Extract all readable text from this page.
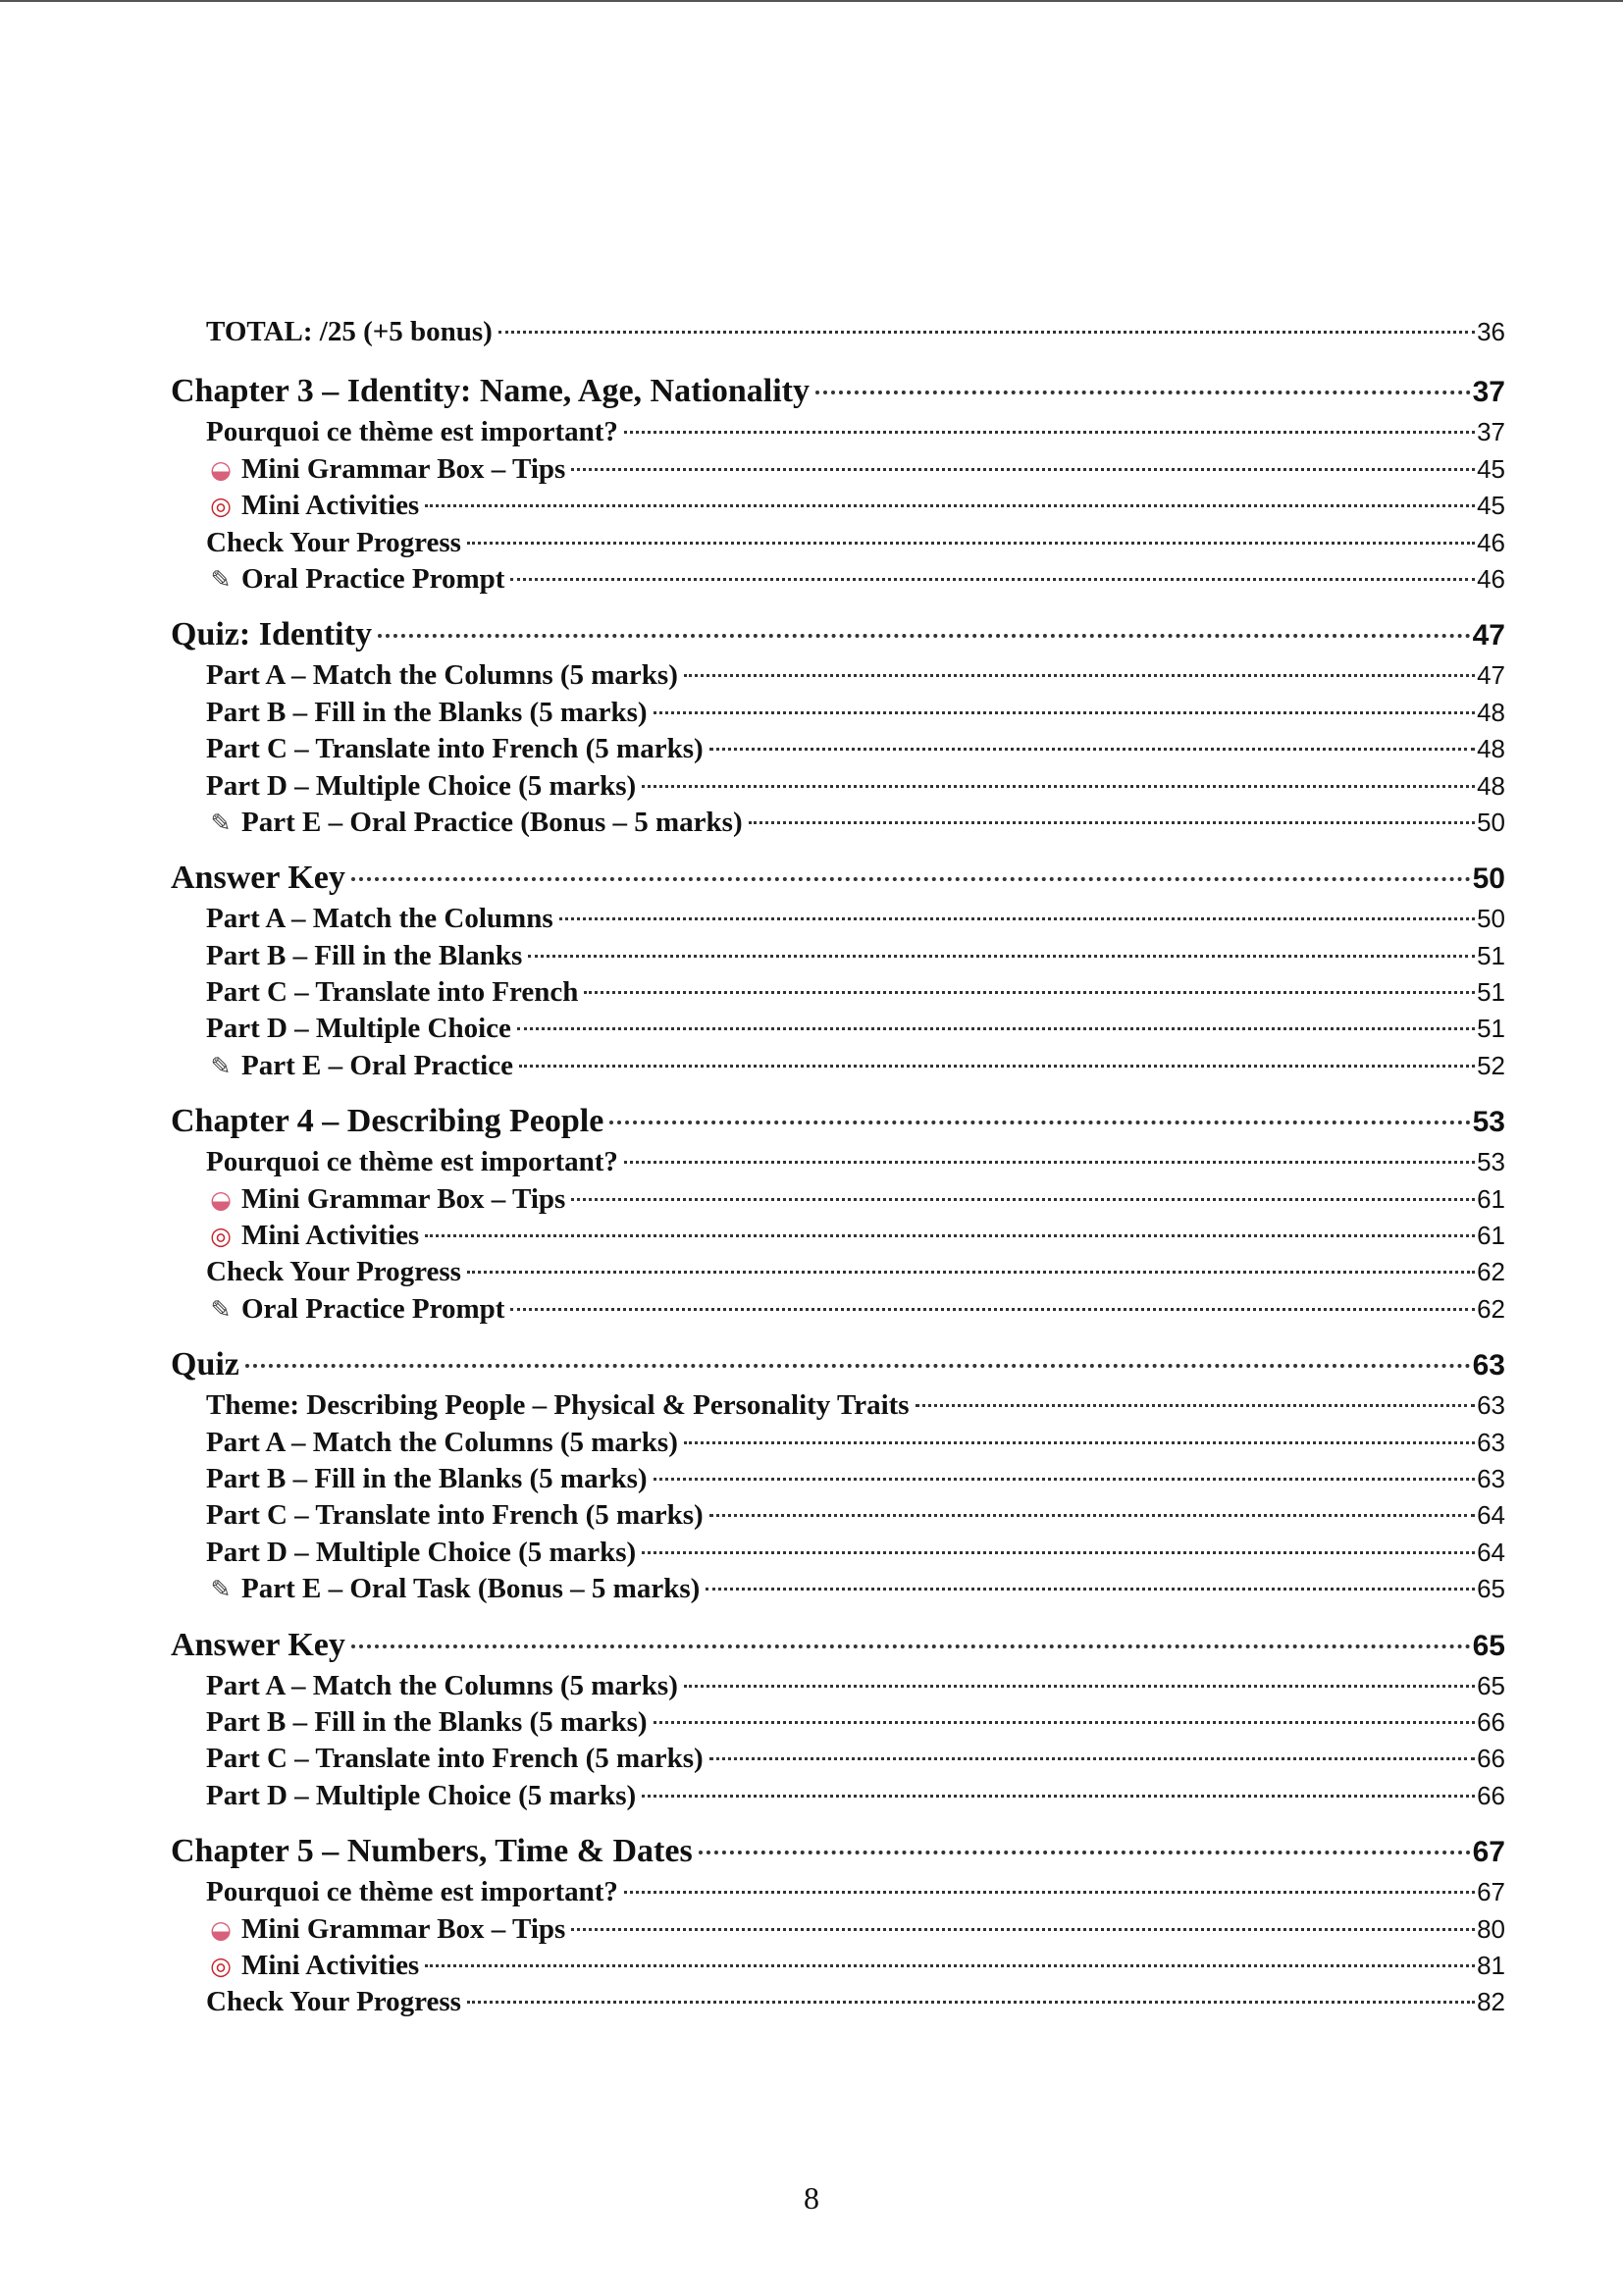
TOTAL: /25 (+5 bonus)	36
Chapter 3 – Identity: Name, Age, Nationality	37
Pourquoi ce thème est important?	37
◒ Mini Grammar Box – Tips	45
◎ Mini Activities	45
Check Your Progress	46
✎ Oral Practice Prompt	46
Quiz: Identity	47
Part A – Match the Columns (5 marks)	47
Part B – Fill in the Blanks (5 marks)	48
Part C – Translate into French (5 marks)	48
Part D – Multiple Choice (5 marks)	48
✎ Part E – Oral Practice (Bonus – 5 marks)	50
Answer Key	50
Part A – Match the Columns	50
Part B – Fill in the Blanks	51
Part C – Translate into French	51
Part D – Multiple Choice	51
✎ Part E – Oral Practice	52
Chapter 4 – Describing People	53
Pourquoi ce thème est important?	53
◒ Mini Grammar Box – Tips	61
◎ Mini Activities	61
Check Your Progress	62
✎ Oral Practice Prompt	62
Quiz	63
Theme: Describing People – Physical & Personality Traits	63
Part A – Match the Columns (5 marks)	63
Part B – Fill in the Blanks (5 marks)	63
Part C – Translate into French (5 marks)	64
Part D – Multiple Choice (5 marks)	64
✎ Part E – Oral Task (Bonus – 5 marks)	65
Answer Key	65
Part A – Match the Columns (5 marks)	65
Part B – Fill in the Blanks (5 marks)	66
Part C – Translate into French (5 marks)	66
Part D – Multiple Choice (5 marks)	66
Chapter 5 – Numbers, Time & Dates	67
Pourquoi ce thème est important?	67
◒ Mini Grammar Box – Tips	80
◎ Mini Activities	81
Check Your Progress	82
8
